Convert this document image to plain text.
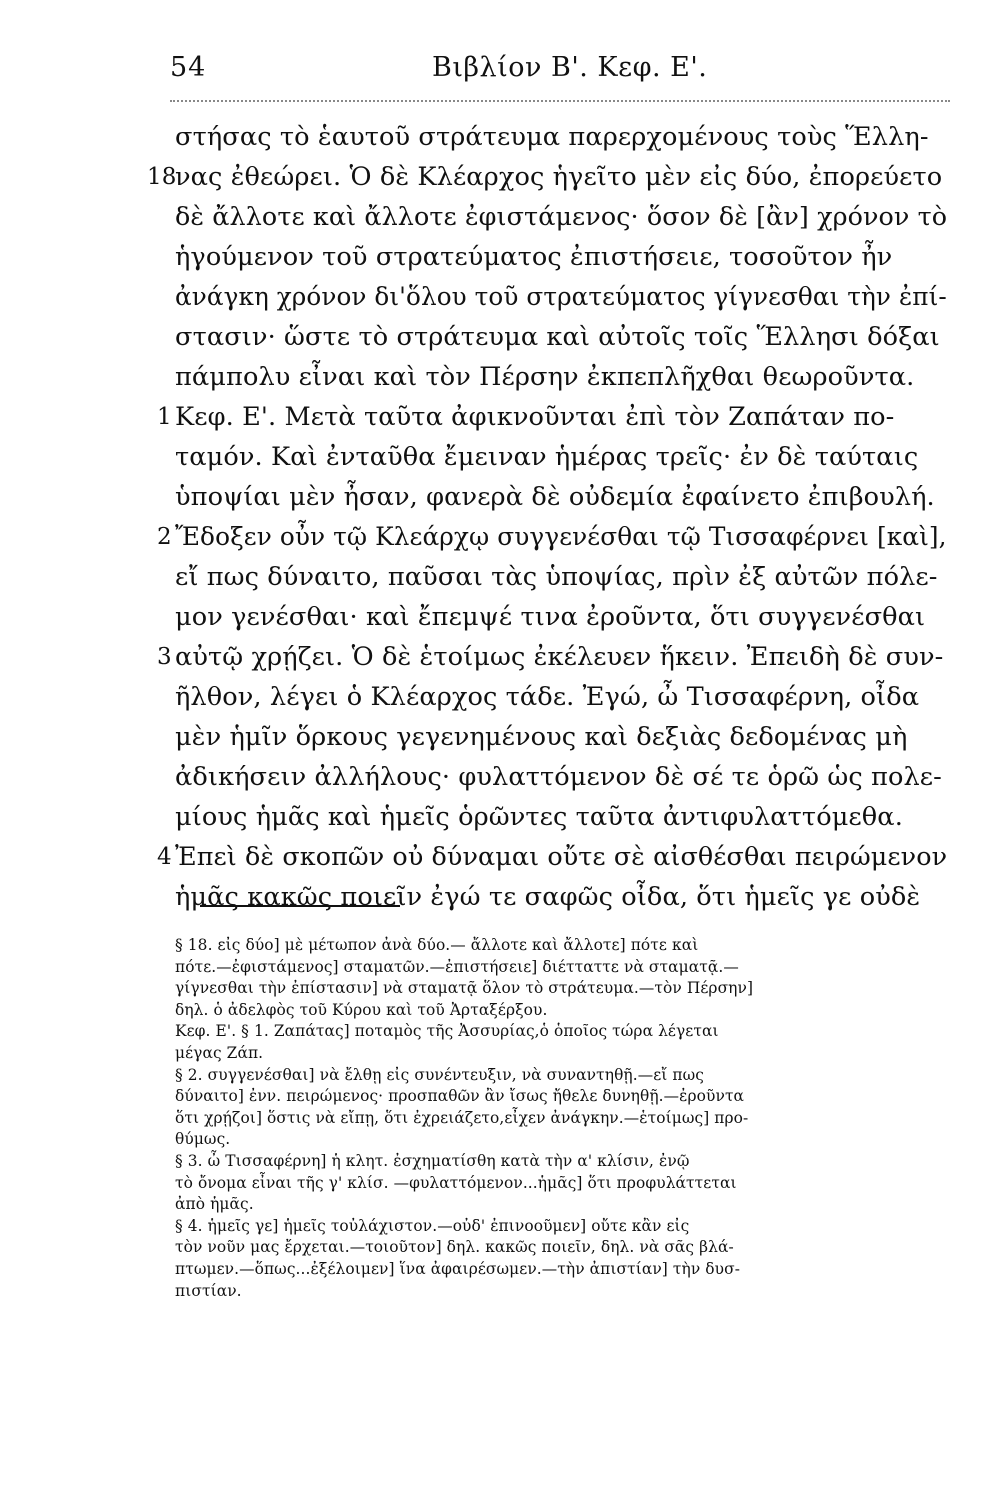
54	Βιβλίον Β'. Κεφ. Ε'.
στήσας τὸ ἑαυτοῦ στράτευμα παρερχομένους τοὺς Ἕλλη-
18
νας ἐθεώρει. Ὁ δὲ Κλέαρχος ἡγεῖτο μὲν εἰς δύο, ἐπορεύετο
δὲ ἄλλοτε καὶ ἄλλοτε ἐφιστάμενος· ὅσον δὲ [ἂν] χρόνον τὸ
ἡγούμενον τοῦ στρατεύματος ἐπιστήσειε, τοσοῦτον ἦν
ἀνάγκη χρόνον δι'ὅλου τοῦ στρατεύματος γίγνεσθαι τὴν ἐπί-
στασιν· ὥστε τὸ στράτευμα καὶ αὐτοῖς τοῖς Ἕλλησι δόξαι
πάμπολυ εἶναι καὶ τὸν Πέρσην ἐκπεπλῆχθαι θεωροῦντα.
1 Κεφ. Ε'. Μετὰ ταῦτα ἀφικνοῦνται ἐπὶ τὸν Ζαπάταν πο-
ταμόν. Καὶ ἐνταῦθα ἔμειναν ἡμέρας τρεῖς· ἐν δὲ ταύταις
ὑποψίαι μὲν ἦσαν, φανερὰ δὲ οὐδεμία ἐφαίνετο ἐπιβουλή.
2 Ἔδοξεν οὖν τῷ Κλεάρχῳ συγγενέσθαι τῷ Τισσαφέρνει [καὶ],
εἴ πως δύναιτο, παῦσαι τὰς ὑποψίας, πρὶν ἐξ αὐτῶν πόλε-
μον γενέσθαι· καὶ ἔπεμψέ τινα ἐροῦντα, ὅτι συγγενέσθαι
3 αὐτῷ χρῄζει. Ὁ δὲ ἑτοίμως ἐκέλευεν ἥκειν. Ἐπειδὴ δὲ συν-
ῆλθον, λέγει ὁ Κλέαρχος τάδε. Ἐγώ, ὦ Τισσαφέρνη, οἶδα
μὲν ἡμῖν ὅρκους γεγενημένους καὶ δεξιὰς δεδομένας μὴ
ἀδικήσειν ἀλλήλους· φυλαττόμενον δὲ σέ τε ὁρῶ ὡς πολε-
μίους ἡμᾶς καὶ ἡμεῖς ὁρῶντες ταῦτα ἀντιφυλαττόμεθα.
4 Ἐπεὶ δὲ σκοπῶν οὐ δύναμαι οὔτε σὲ αἰσθέσθαι πειρώμενον
ἡμᾶς κακῶς ποιεῖν ἐγώ τε σαφῶς οἶδα, ὅτι ἡμεῖς γε οὐδὲ
§ 18. εἰς δύο] μὲ μέτωπον ἀνὰ δύο.— ἄλλοτε καὶ ἄλλοτε] πότε καὶ
πότε.—ἐφιστάμενος] σταματῶν.—ἐπιστήσειε] διέτταττε νὰ σταματᾷ.—
γίγνεσθαι τὴν ἐπίστασιν] νὰ σταματᾷ ὅλον τὸ στράτευμα.—τὸν Πέρσην]
δηλ. ὁ ἀδελφὸς τοῦ Κύρου καὶ τοῦ Ἀρταξέρξου.
Κεφ. Ε'. § 1. Ζαπάτας] ποταμὸς τῆς Ἀσσυρίας,ὁ ὁποῖος τώρα λέγεται
μέγας Ζάπ.
§ 2. συγγενέσθαι] νὰ ἔλθῃ εἰς συνέντευξιν, νὰ συναντηθῇ.—εἴ πως
δύναιτο] ἐνν. πειρώμενος· προσπαθῶν ἂν ἴσως ἤθελε δυνηθῇ.—ἐροῦντα
ὅτι χρῄζοι] ὅστις νὰ εἴπῃ, ὅτι ἐχρειάζετο,εἶχεν ἀνάγκην.—ἑτοίμως] προ-
θύμως.
§ 3. ὦ Τισσαφέρνη] ἡ κλητ. ἐσχηματίσθη κατὰ τὴν α' κλίσιν, ἐνῷ
τὸ ὄνομα εἶναι τῆς γ' κλίσ. —φυλαττόμενον...ἡμᾶς] ὅτι προφυλάττεται
ἀπὸ ἡμᾶς.
§ 4. ἡμεῖς γε] ἡμεῖς τοὐλάχιστον.—οὐδ' ἐπινοοῦμεν] οὔτε κἂν εἰς
τὸν νοῦν μας ἔρχεται.—τοιοῦτον] δηλ. κακῶς ποιεῖν, δηλ. νὰ σᾶς βλά-
πτωμεν.—ὅπως...ἐξέλοιμεν] ἵνα ἀφαιρέσωμεν.—τὴν ἀπιστίαν] τὴν δυσ-
πιστίαν.
